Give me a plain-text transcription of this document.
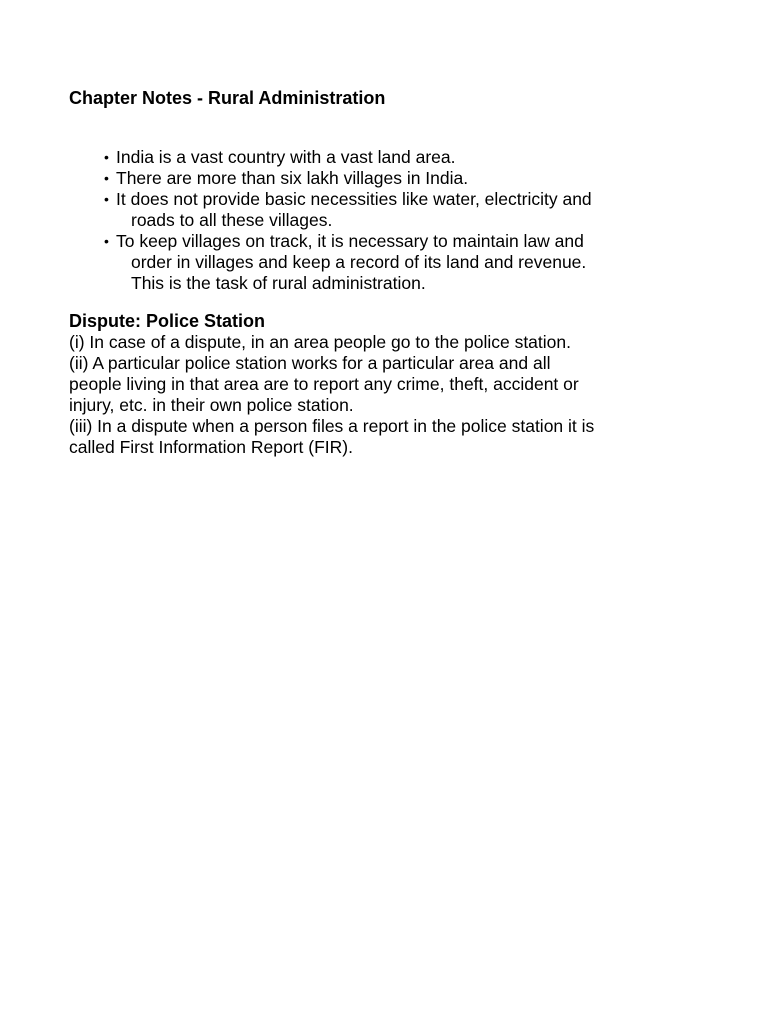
Chapter Notes - Rural Administration
• India is a vast country with a vast land area.
• There are more than six lakh villages in India.
• It does not provide basic necessities like water, electricity and
roads to all these villages.
• To keep villages on track, it is necessary to maintain law and
order in villages and keep a record of its land and revenue.
This is the task of rural administration.
Dispute: Police Station
(i) In case of a dispute, in an area people go to the police station.
(ii) A particular police station works for a particular area and all
people living in that area are to report any crime, theft, accident or
injury, etc. in their own police station.
(iii) In a dispute when a person files a report in the police station it is
called First Information Report (FIR).
